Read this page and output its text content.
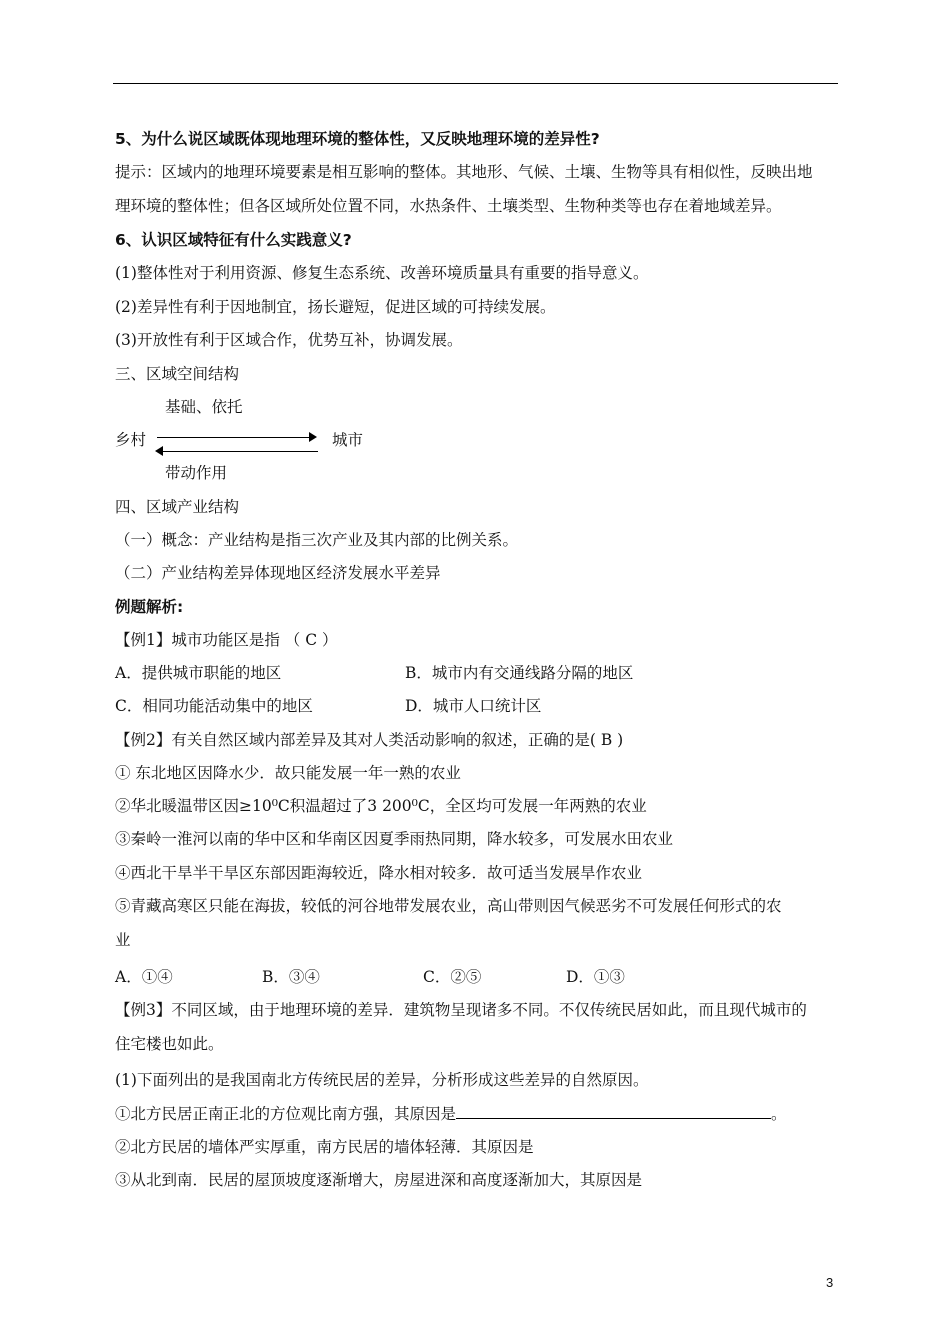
5、为什么说区域既体现地理环境的整体性，又反映地理环境的差异性?
提示：区域内的地理环境要素是相互影响的整体。其地形、气候、土壤、生物等具有相似性，反映出地
理环境的整体性；但各区域所处位置不同，水热条件、土壤类型、生物种类等也存在着地域差异。
6、认识区域特征有什么实践意义?
(1)整体性对于利用资源、修复生态系统、改善环境质量具有重要的指导意义。
(2)差异性有利于因地制宜，扬长避短，促进区域的可持续发展。
(3)开放性有利于区域合作，优势互补，协调发展。
三、区域空间结构
基础、依托
乡村	城市
带动作用
四、区域产业结构
（一）概念：产业结构是指三次产业及其内部的比例关系。
（二）产业结构差异体现地区经济发展水平差异
例题解析:
【例1】城市功能区是指 （ C ）
A．提供城市职能的地区	B．城市内有交通线路分隔的地区
C．相同功能活动集中的地区	D．城市人口统计区
【例2】有关自然区域内部差异及其对人类活动影响的叙述，正确的是( B )
① 东北地区因降水少．故只能发展一年一熟的农业
②华北暖温带区因≥10⁰C积温超过了3 200⁰C，全区均可发展一年两熟的农业
③秦岭一淮河以南的华中区和华南区因夏季雨热同期，降水较多，可发展水田农业
④西北干旱半干旱区东部因距海较近，降水相对较多．故可适当发展旱作农业
⑤青藏高寒区只能在海拔，较低的河谷地带发展农业，高山带则因气候恶劣不可发展任何形式的农
业
A．①④	B．③④	C．②⑤	D．①③
【例3】不同区域，由于地理环境的差异．建筑物呈现诸多不同。不仅传统民居如此，而且现代城市的
住宅楼也如此。
(1)下面列出的是我国南北方传统民居的差异，分析形成这些差异的自然原因。
①北方民居正南正北的方位观比南方强，其原因是	。
②北方民居的墙体严实厚重，南方民居的墙体轻薄．其原因是
③从北到南．民居的屋顶坡度逐渐增大，房屋进深和高度逐渐加大，其原因是
3
